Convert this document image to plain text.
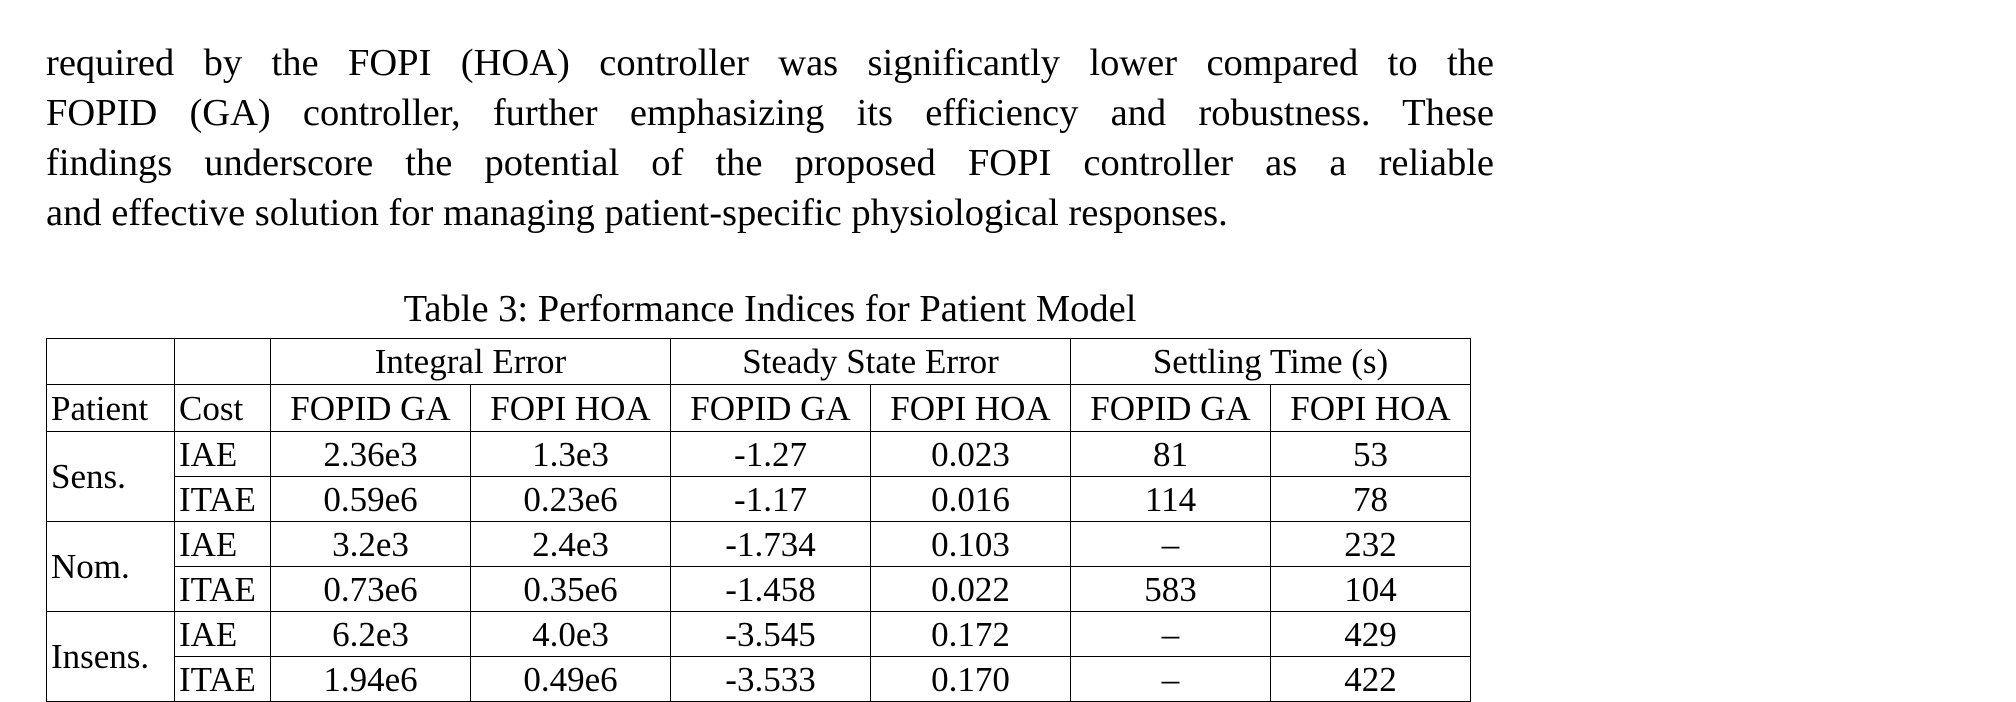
required by the FOPI (HOA) controller was significantly lower compared to the
FOPID (GA) controller, further emphasizing its efficiency and robustness. These
findings underscore the potential of the proposed FOPI controller as a reliable
and effective solution for managing patient-specific physiological responses.
Table 3: Performance Indices for Patient Model
		Integral Error		Steady State Error		Settling Time (s)	
Patient	Cost	FOPID GA	FOPI HOA	FOPID GA	FOPI HOA	FOPID GA	FOPI HOA
Sens.	IAE	2.36e3	1.3e3	-1.27	0.023	81	53
	ITAE	0.59e6	0.23e6	-1.17	0.016	114	78
Nom.	IAE	3.2e3	2.4e3	-1.734	0.103	–	232
	ITAE	0.73e6	0.35e6	-1.458	0.022	583	104
Insens.	IAE	6.2e3	4.0e3	-3.545	0.172	–	429
	ITAE	1.94e6	0.49e6	-3.533	0.170	–	422
